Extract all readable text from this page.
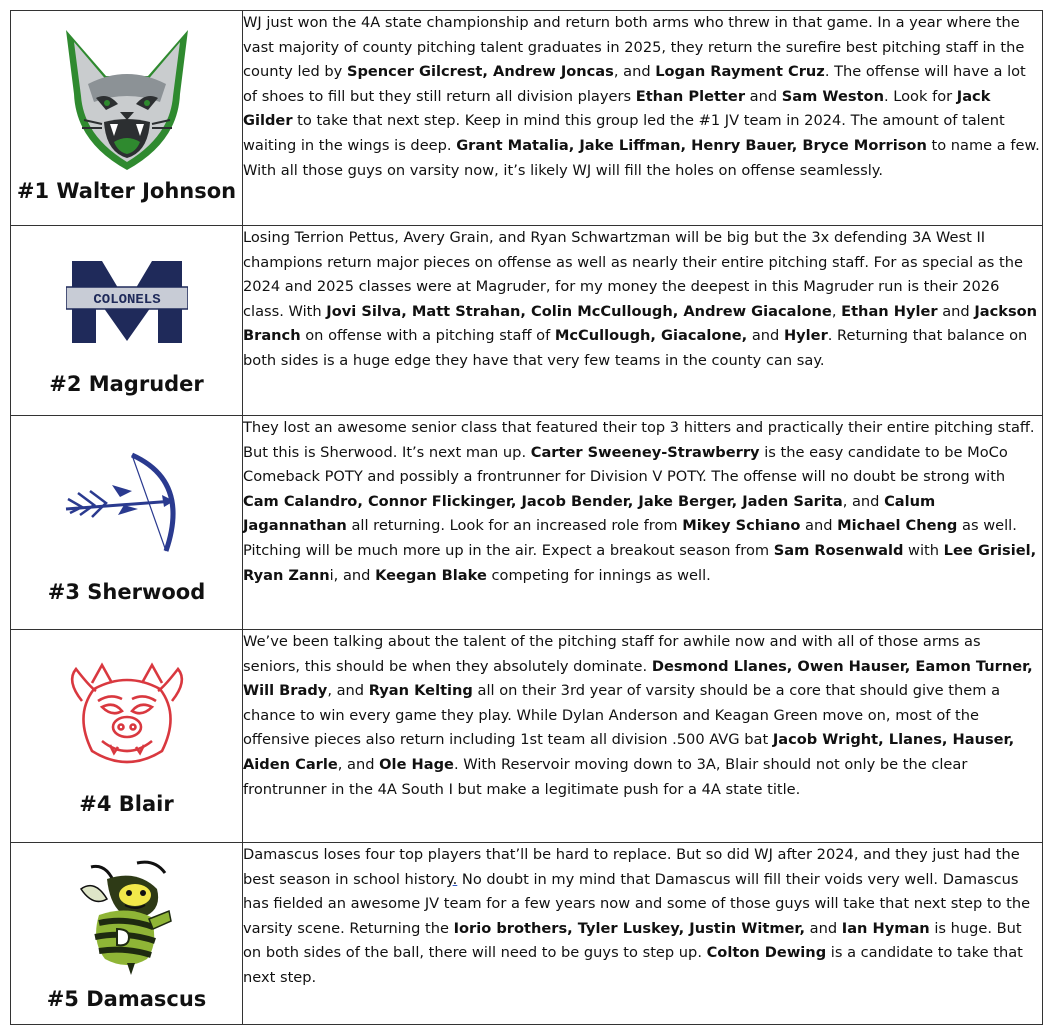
#1 Walter Johnson	WJ just won the 4A state championship and return both arms who threw in that game. In a year where the vast majority of county pitching talent graduates in 2025, they return the surefire best pitching staff in the county led by Spencer Gilcrest, Andrew Joncas, and Logan Rayment Cruz. The offense will have a lot of shoes to fill but they still return all division players Ethan Pletter and Sam Weston. Look for Jack Gilder to take that next step. Keep in mind this group led the #1 JV team in 2024. The amount of talent waiting in the wings is deep. Grant Matalia, Jake Liffman, Henry Bauer, Bryce Morrison to name a few. With all those guys on varsity now, it’s likely WJ will fill the holes on offense seamlessly.

COLONELS
#2 Magruder	Losing Terrion Pettus, Avery Grain, and Ryan Schwartzman will be big but the 3x defending 3A West II champions return major pieces on offense as well as nearly their entire pitching staff. For as special as the 2024 and 2025 classes were at Magruder, for my money the deepest in this Magruder run is their 2026 class. With Jovi Silva, Matt Strahan, Colin McCullough, Andrew Giacalone, Ethan Hyler and Jackson Branch on offense with a pitching staff of McCullough, Giacalone, and Hyler. Returning that balance on both sides is a huge edge they have that very few teams in the county can say.

#3 Sherwood	They lost an awesome senior class that featured their top 3 hitters and practically their entire pitching staff. But this is Sherwood. It’s next man up. Carter Sweeney-Strawberry is the easy candidate to be MoCo Comeback POTY and possibly a frontrunner for Division V POTY. The offense will no doubt be strong with Cam Calandro, Connor Flickinger, Jacob Bender, Jake Berger, Jaden Sarita, and Calum Jagannathan all returning. Look for an increased role from Mikey Schiano and Michael Cheng as well. Pitching will be much more up in the air. Expect a breakout season from Sam Rosenwald with Lee Grisiel, Ryan Zanni, and Keegan Blake competing for innings as well.

#4 Blair	We’ve been talking about the talent of the pitching staff for awhile now and with all of those arms as seniors, this should be when they absolutely dominate. Desmond Llanes, Owen Hauser, Eamon Turner, Will Brady, and Ryan Kelting all on their 3rd year of varsity should be a core that should give them a chance to win every game they play. While Dylan Anderson and Keagan Green move on, most of the offensive pieces also return including 1st team all division .500 AVG bat Jacob Wright, Llanes, Hauser, Aiden Carle, and Ole Hage. With Reservoir moving down to 3A, Blair should not only be the clear frontrunner in the 4A South I but make a legitimate push for a 4A state title.

#5 Damascus	Damascus loses four top players that’ll be hard to replace. But so did WJ after 2024, and they just had the best season in school history. No doubt in my mind that Damascus will fill their voids very well. Damascus has fielded an awesome JV team for a few years now and some of those guys will take that next step to the varsity scene. Returning the Iorio brothers, Tyler Luskey, Justin Witmer, and Ian Hyman is huge. But on both sides of the ball, there will need to be guys to step up. Colton Dewing is a candidate to take that next step.
